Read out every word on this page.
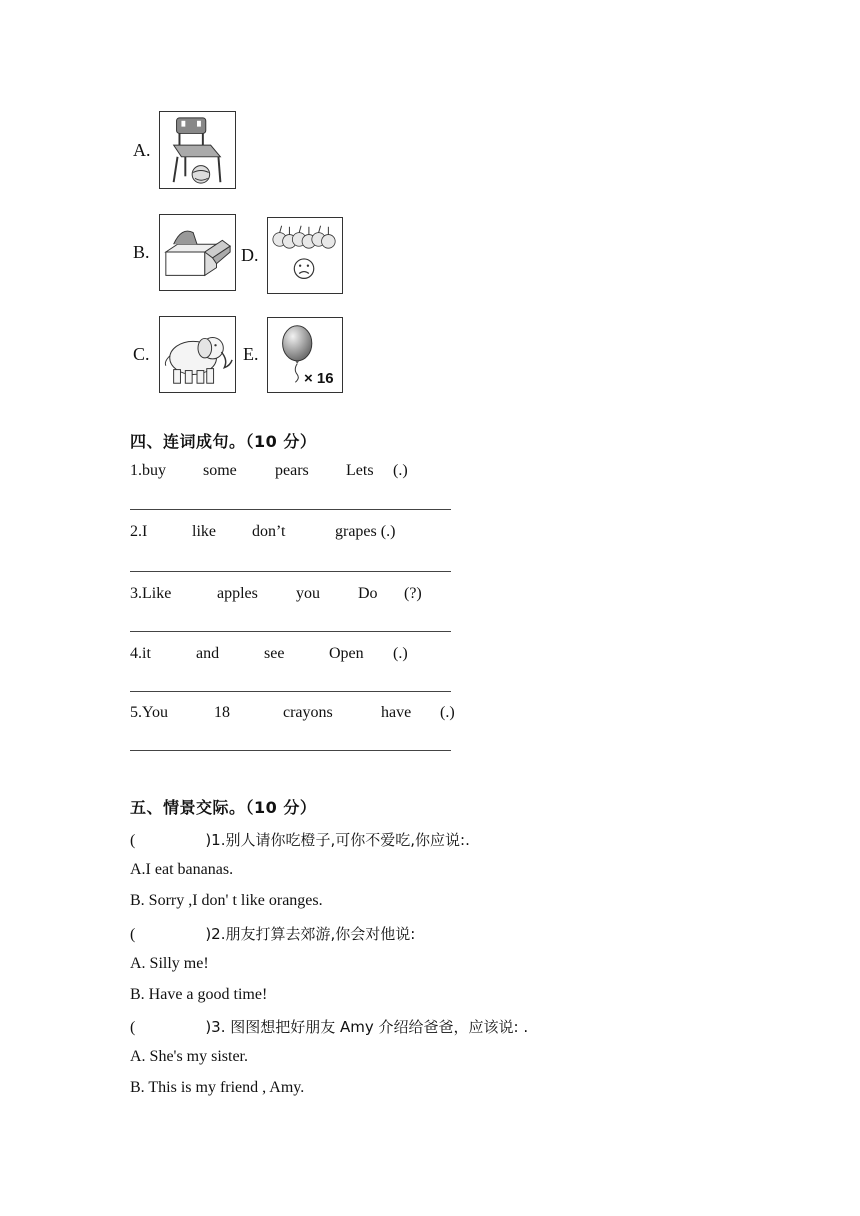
A.
B.	D.
C.	E.
× 16
四、连词成句。（10 分）
1.buy some pears Lets (.)
2.I	like don’t	grapes (.)
3.Like	apples you Do (?)
4.it	and	see	Open (.)
5.You	18	crayons	have (.)
五、情景交际。（10 分）
(	)1.别人请你吃橙子,可你不爱吃,你应说:.
A.I eat bananas.
B. Sorry ,I don' t like oranges.
(	)2.朋友打算去郊游,你会对他说:
A. Silly me!
B. Have a good time!
(	)3. 图图想把好朋友 Amy 介绍给爸爸，应该说: .
A. She's my sister.
B. This is my friend , Amy.
